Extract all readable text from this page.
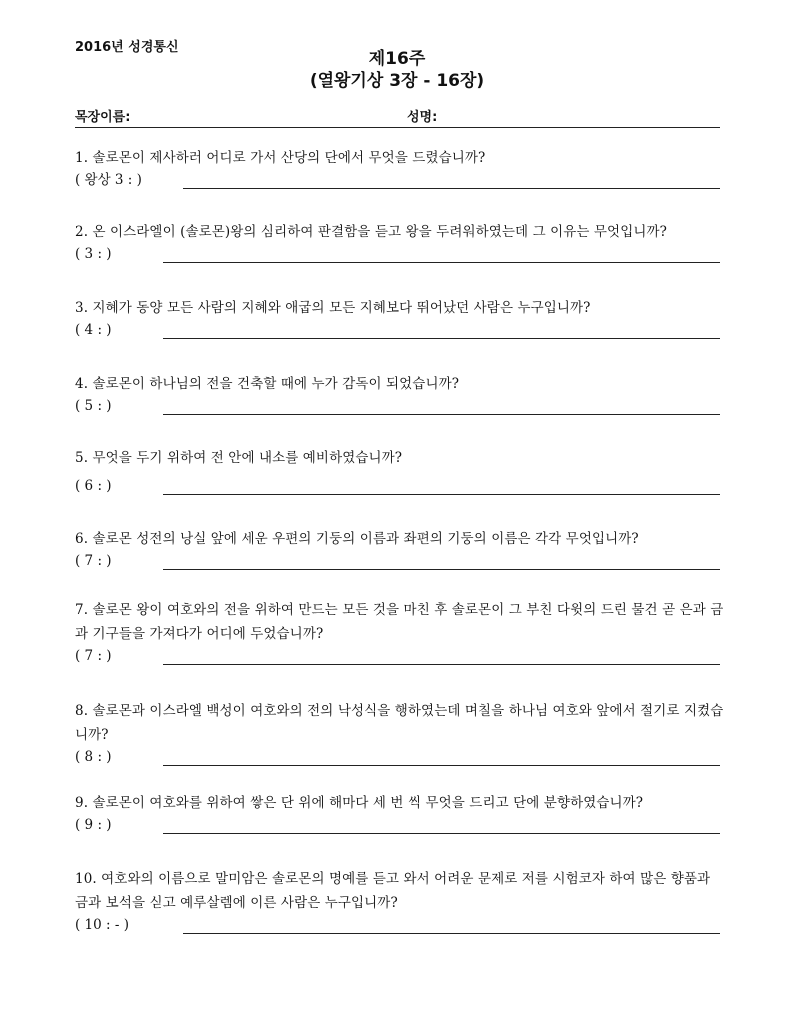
2016년 성경통신
제16주
(열왕기상 3장 - 16장)
목장이름:	성명:
1. 솔로몬이 제사하러 어디로 가서 산당의 단에서 무엇을 드렸습니까?
( 왕상 3 : )
2. 온 이스라엘이 (솔로몬)왕의 심리하여 판결함을 듣고 왕을 두려워하였는데 그 이유는 무엇입니까?
( 3 : )
3. 지혜가 동양 모든 사람의 지혜와 애굽의 모든 지혜보다 뛰어났던 사람은 누구입니까?
( 4 : )
4. 솔로몬이 하나님의 전을 건축할 때에 누가 감독이 되었습니까?
( 5 : )
5. 무엇을 두기 위하여 전 안에 내소를 예비하였습니까?
( 6 : )
6. 솔로몬 성전의 낭실 앞에 세운 우편의 기둥의 이름과 좌편의 기둥의 이름은 각각 무엇입니까?
( 7 : )
7. 솔로몬 왕이 여호와의 전을 위하여 만드는 모든 것을 마친 후 솔로몬이 그 부친 다윗의 드린 물건 곧 은과 금과 기구들을 가져다가 어디에 두었습니까?
( 7 : )
8. 솔로몬과 이스라엘 백성이 여호와의 전의 낙성식을 행하였는데 며칠을 하나님 여호와 앞에서 절기로 지켰습니까?
( 8 : )
9. 솔로몬이 여호와를 위하여 쌓은 단 위에 해마다 세 번 씩 무엇을 드리고 단에 분향하였습니까?
( 9 : )
10. 여호와의 이름으로 말미암은 솔로몬의 명예를 듣고 와서 어려운 문제로 저를 시험코자 하여 많은 향품과 금과 보석을 싣고 예루살렘에 이른 사람은 누구입니까?
( 10 : - )
